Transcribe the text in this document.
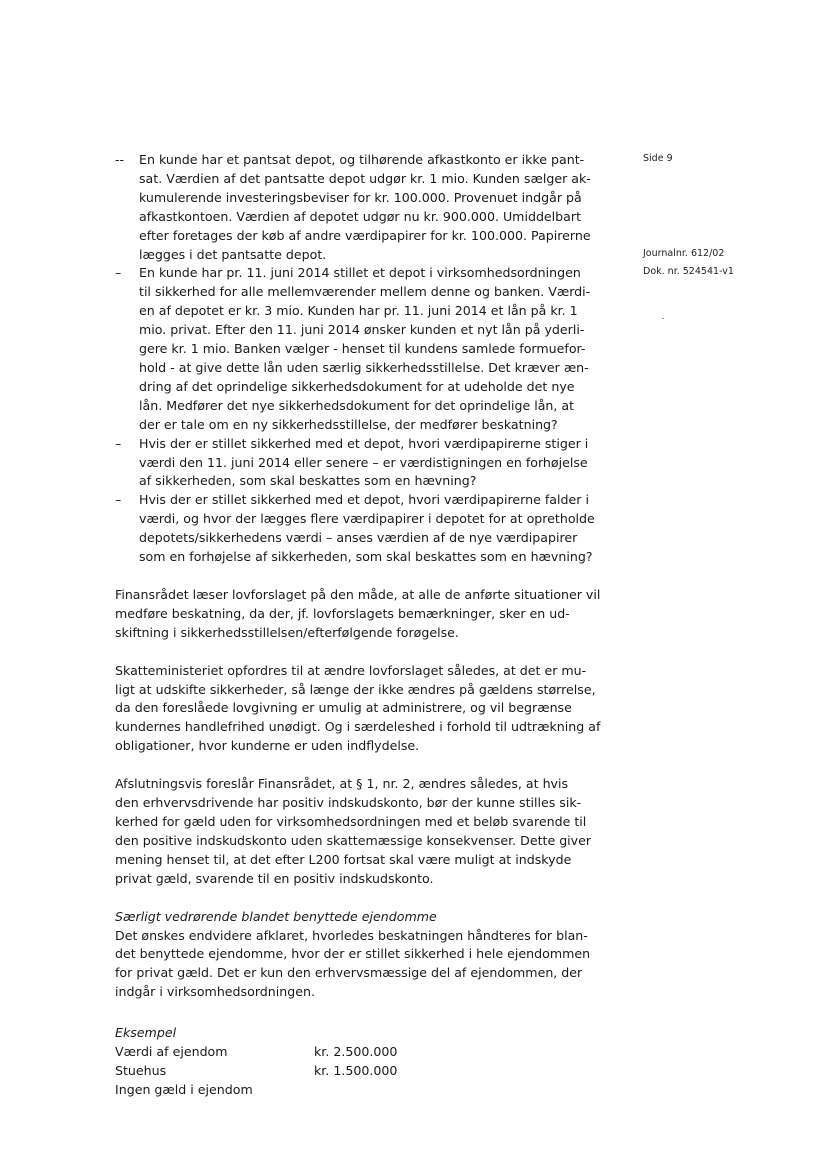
Side 9
Journalnr. 612/02
Dok. nr. 524541-v1
-- En kunde har et pantsat depot, og tilhørende afkastkonto er ikke pant-
sat. Værdien af det pantsatte depot udgør kr. 1 mio. Kunden sælger ak-
kumulerende investeringsbeviser for kr. 100.000. Provenuet indgår på
afkastkontoen. Værdien af depotet udgør nu kr. 900.000. Umiddelbart
efter foretages der køb af andre værdipapirer for kr. 100.000. Papirerne
lægges i det pantsatte depot.
– En kunde har pr. 11. juni 2014 stillet et depot i virksomhedsordningen
til sikkerhed for alle mellemværender mellem denne og banken. Værdi-
en af depotet er kr. 3 mio. Kunden har pr. 11. juni 2014 et lån på kr. 1
mio. privat. Efter den 11. juni 2014 ønsker kunden et nyt lån på yderli-
gere kr. 1 mio. Banken vælger - henset til kundens samlede formuefor-
hold - at give dette lån uden særlig sikkerhedsstillelse. Det kræver æn-
dring af det oprindelige sikkerhedsdokument for at udeholde det nye
lån. Medfører det nye sikkerhedsdokument for det oprindelige lån, at
der er tale om en ny sikkerhedsstillelse, der medfører beskatning?
– Hvis der er stillet sikkerhed med et depot, hvori værdipapirerne stiger i
værdi den 11. juni 2014 eller senere – er værdistigningen en forhøjelse
af sikkerheden, som skal beskattes som en hævning?
– Hvis der er stillet sikkerhed med et depot, hvori værdipapirerne falder i
værdi, og hvor der lægges flere værdipapirer i depotet for at opretholde
depotets/sikkerhedens værdi – anses værdien af de nye værdipapirer
som en forhøjelse af sikkerheden, som skal beskattes som en hævning?
Finansrådet læser lovforslaget på den måde, at alle de anførte situationer vil
medføre beskatning, da der, jf. lovforslagets bemærkninger, sker en ud-
skiftning i sikkerhedsstillelsen/efterfølgende forøgelse.
Skatteministeriet opfordres til at ændre lovforslaget således, at det er mu-
ligt at udskifte sikkerheder, så længe der ikke ændres på gældens størrelse,
da den foreslåede lovgivning er umulig at administrere, og vil begrænse
kundernes handlefrihed unødigt. Og i særdeleshed i forhold til udtrækning af
obligationer, hvor kunderne er uden indflydelse.
Afslutningsvis foreslår Finansrådet, at § 1, nr. 2, ændres således, at hvis
den erhvervsdrivende har positiv indskudskonto, bør der kunne stilles sik-
kerhed for gæld uden for virksomhedsordningen med et beløb svarende til
den positive indskudskonto uden skattemæssige konsekvenser. Dette giver
mening henset til, at det efter L200 fortsat skal være muligt at indskyde
privat gæld, svarende til en positiv indskudskonto.
Særligt vedrørende blandet benyttede ejendomme
Det ønskes endvidere afklaret, hvorledes beskatningen håndteres for blan-
det benyttede ejendomme, hvor der er stillet sikkerhed i hele ejendommen
for privat gæld. Det er kun den erhvervsmæssige del af ejendommen, der
indgår i virksomhedsordningen.
Eksempel
Værdi af ejendom	kr. 2.500.000
Stuehus	kr. 1.500.000
Ingen gæld i ejendom	
